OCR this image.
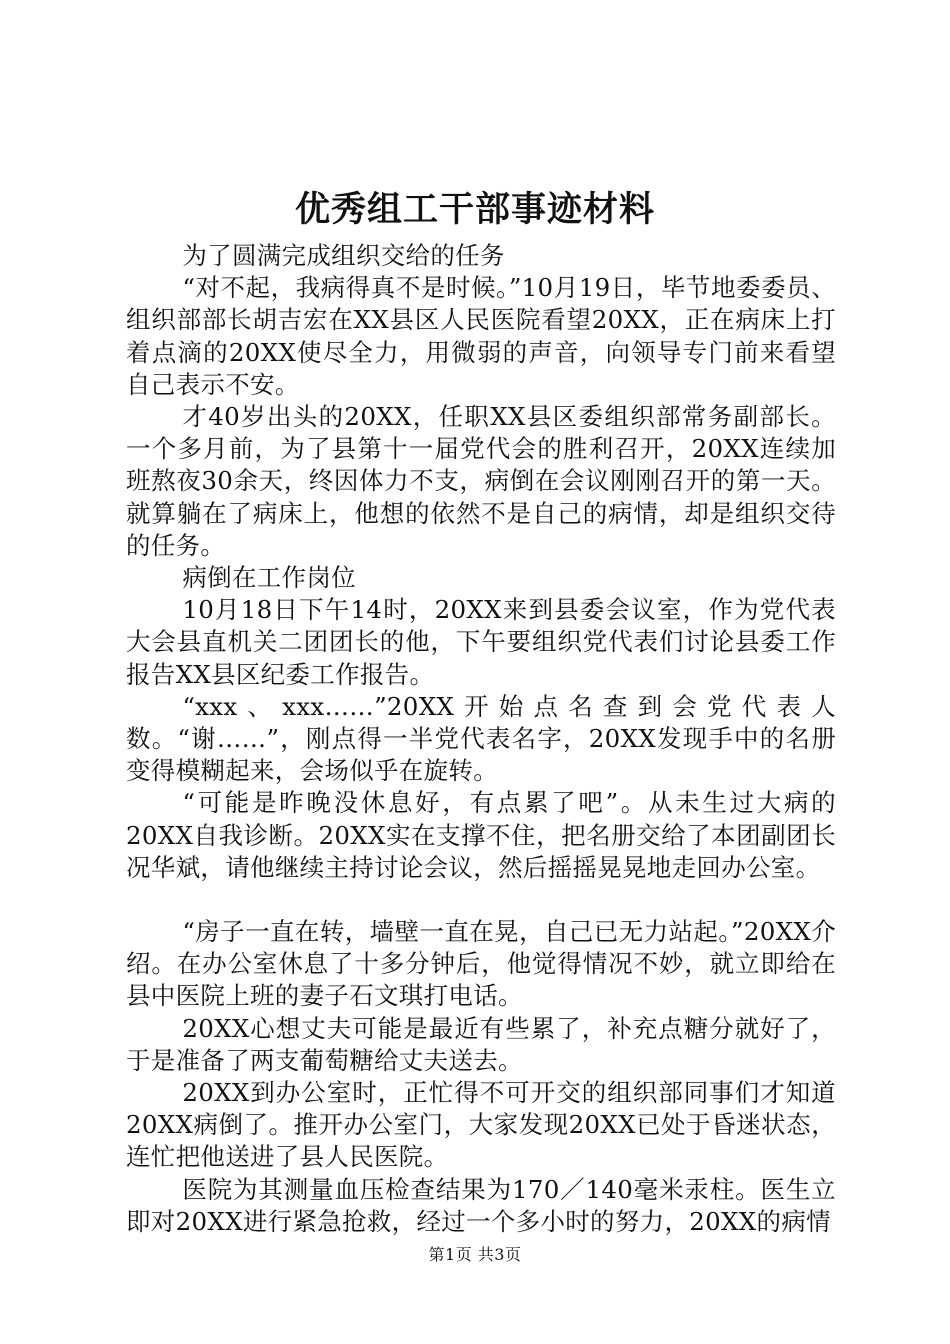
优秀组工干部事迹材料

为了圆满完成组织交给的任务

“对不起，我病得真不是时候。”10月19日，毕节地委委员、组织部部长胡吉宏在XX县区人民医院看望20XX，正在病床上打着点滴的20XX使尽全力，用微弱的声音，向领导专门前来看望自己表示不安。

才40岁出头的20XX，任职XX县区委组织部常务副部长。一个多月前，为了县第十一届党代会的胜利召开，20XX连续加班熬夜30余天，终因体力不支，病倒在会议刚刚召开的第一天。就算躺在了病床上，他想的依然不是自己的病情，却是组织交待的任务。

病倒在工作岗位

10月18日下午14时，20XX来到县委会议室，作为党代表大会县直机关二团团长的他，下午要组织党代表们讨论县委工作报告XX县区纪委工作报告。

“xxx、xxx……”20XX开始点名查到会党代表人数。“谢……”，刚点得一半党代表名字，20XX发现手中的名册变得模糊起来，会场似乎在旋转。

“可能是昨晚没休息好，有点累了吧”。从未生过大病的20XX自我诊断。20XX实在支撑不住，把名册交给了本团副团长况华斌，请他继续主持讨论会议，然后摇摇晃晃地走回办公室。

“房子一直在转，墙壁一直在晃，自己已无力站起。”20XX介绍。在办公室休息了十多分钟后，他觉得情况不妙，就立即给在县中医院上班的妻子石文琪打电话。

20XX心想丈夫可能是最近有些累了，补充点糖分就好了，于是准备了两支葡萄糖给丈夫送去。

20XX到办公室时，正忙得不可开交的组织部同事们才知道20XX病倒了。推开办公室门，大家发现20XX已处于昏迷状态，连忙把他送进了县人民医院。

医院为其测量血压检查结果为170／140毫米汞柱。医生立即对20XX进行紧急抢救，经过一个多小时的努力，20XX的病情

第1页 共3页
